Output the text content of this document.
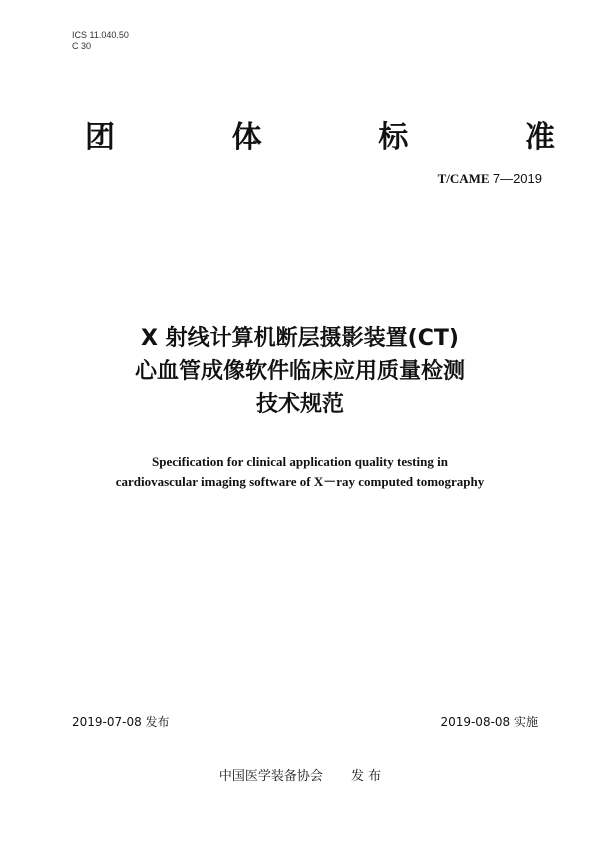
ICS 11.040.50
C 30
团	体	标	准
T/CAME 7—2019
X 射线计算机断层摄影装置(CT)
心血管成像软件临床应用质量检测
技术规范
Specification for clinical application quality testing in
cardiovascular imaging software of X－ray computed tomography
2019-07-08 发布	2019-08-08 实施
中国医学装备协会 发 布
